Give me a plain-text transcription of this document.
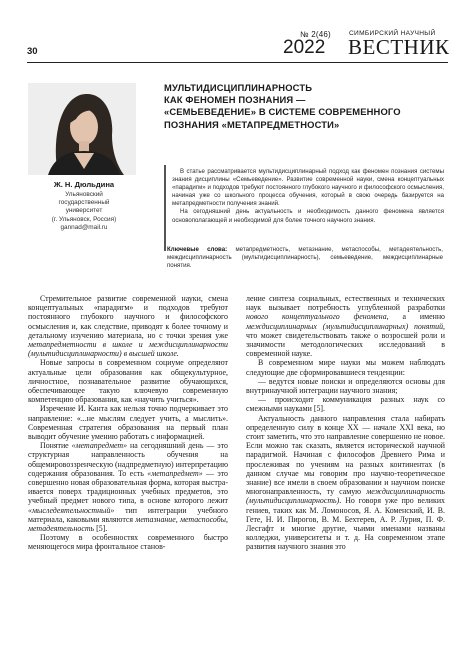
30
№ 2(46)
2022
СИМБИРСКИЙ НАУЧНЫЙ
ВЕСТНИК
Ж. Н. Дюльдина
Ульяновский
государственный
университет
(г. Ульяновск, Россия)
gannad@mail.ru
МУЛЬТИДИСЦИПЛИНАРНОСТЬ
КАК ФЕНОМЕН ПОЗНАНИЯ —
«СЕМЬЕВЕДЕНИЕ» В СИСТЕМЕ СОВРЕМЕННОГО
ПОЗНАНИЯ «МЕТАПРЕДМЕТНОСТИ»
В статье рассматривается мультидисциплинарный подход как феномен познания системы знания дисциплины «Семьеведение». Развитие современной науки, смена концептуальных «парадигм» и подходов требуют постоянного глубокого научного и философского осмысления, начиная уже со школьного процесса обучения, который в свою очередь базируется на метапредметности получения знаний.
На сегодняшний день актуальность и необходимость данного феномена является основополагающей и необходимой для более точного научного знания.
Ключевые слова: метапредметность, метазнание, метаспособы, метадеятельность, междисциплинарность (мультидисциплинарность), семьеведение, междисциплинарные понятия.

Стремительное развитие современной науки, смена концептуальных «парадигм» и подходов требуют постоянного глубокого научного и философского осмысления и, как следствие, приводят к более точному и детальному изучению материала, но с точки зрения уже метапредметности в школе и междисциплинарности (мультидисциплинарности) в высшей школе.

Новые запросы в современном социуме определяют актуальные цели образования как общекультурное, личностное, познавательное развитие обучающихся, обеспечивающее такую ключевую современную компетенцию образования, как «научить учиться».

Изречение И. Канта как нельзя точно подчеркивает это направление: «...не мыслям следует учить, а мыслить». Современная стратегия образования на первый план выводит обучение умению работать с информацией.

Понятие «метапредмет» на сегодняшний день — это структурная направленность обучения на общемировоззренческую (надпредметную) интерпретацию содержания образования. То есть «метапредмет» — это совершенно новая образовательная форма, которая выстраивается поверх традиционных учебных предметов, это учебный предмет нового типа, в основе которого лежит «мыследеятельностный» тип интеграции учебного материала, каковыми являются метазнание, метаспособы, метадеятельность [5].

Поэтому в особенностях современного быстро меняющегося мира фронтальное станов-

ление синтеза социальных, естественных и технических наук вызывает потребность углубленной разработки нового концептуального феномена, а именно междисциплинарных (мультидисциплинарных) понятий, что может свидетельствовать также о возросшей роли и значимости методологических исследований в современной науке.

В современном мире науки мы можем наблюдать следующие две сформировавшиеся тенденции:

— ведутся новые поиски и определяются основы для внутринаучной интеграции научного знания;

— происходит коммуникация разных наук со смежными науками [5].

Актуальность данного направления стала набирать определенную силу в конце XX — начале XXI века, но стоит заметить, что это направление совершенно не новое. Если можно так сказать, является исторической научной парадигмой. Начиная с философов Древнего Рима и прослеживая по учениям на разных континентах (в данном случае мы говорим про научно-теоретическое знание) все имели в своем образовании и научном поиске многонаправленность, ту самую междисциплинарность (мультидисциплинарность). Но говоря уже про великих гениев, таких как М. Ломоносов, Я. А. Коменский, И. В. Гете, Н. И. Пирогов, В. М. Бехтерев, А. Р. Лурия, П. Ф. Лесгафт и многие другие, чьими именами названы колледжи, университеты и т. д. На современном этапе развития научного знания это
